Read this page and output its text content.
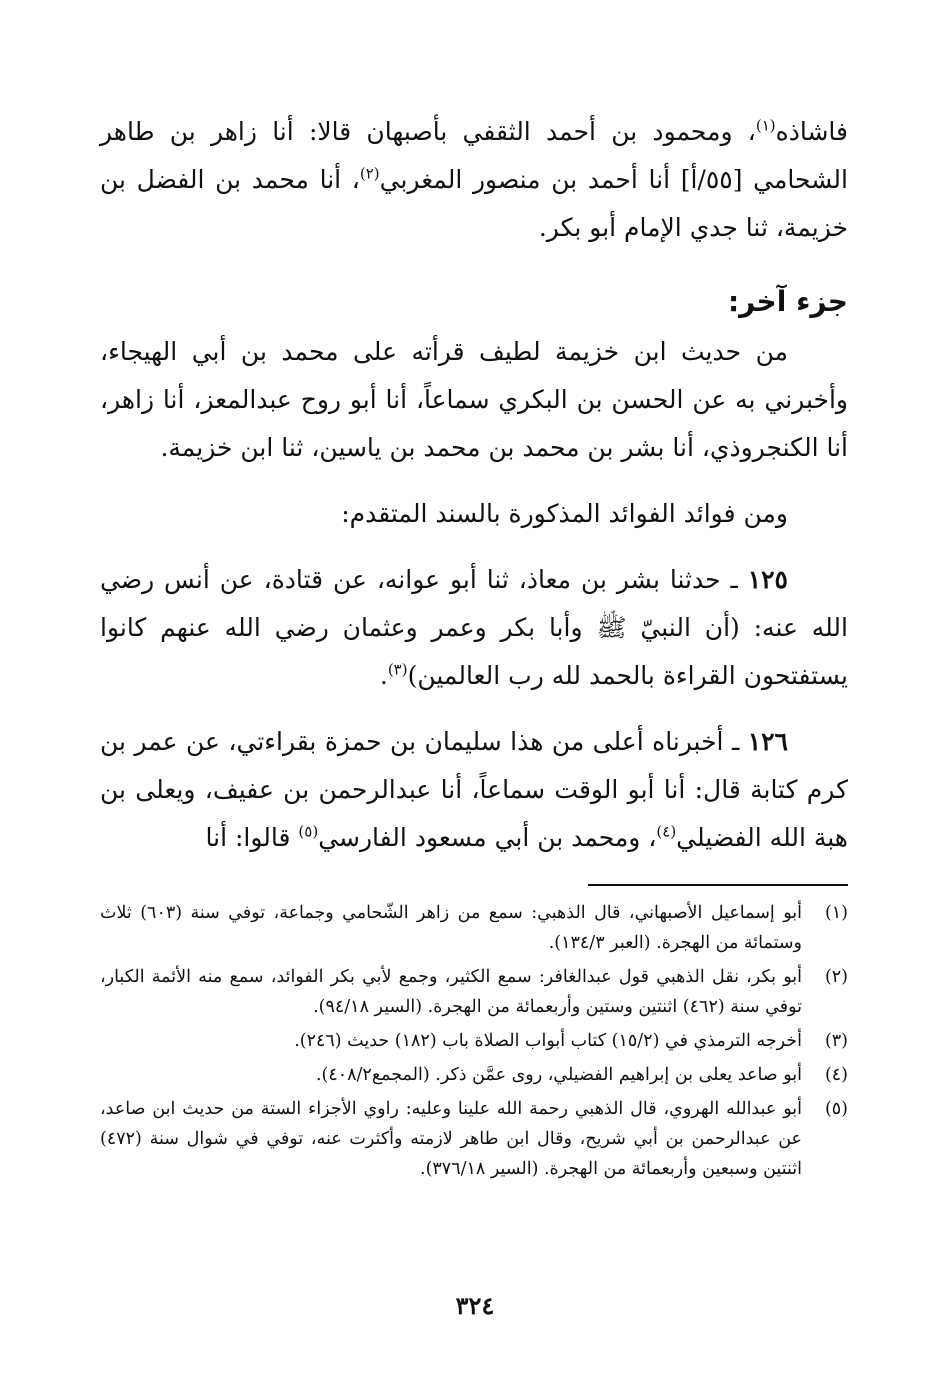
فاشاذه$^{(١)}$، ومحمود بن أحمد الثقفي بأصبهان قالا: أنا زاهر بن طاهر الشحامي [٥٥/أ] أنا أحمد بن منصور المغربي$^{(٢)}$، أنا محمد بن الفضل بن خزيمة، ثنا جدي الإمام أبو بكر.

جزء آخر:

من حديث ابن خزيمة لطيف قرأته على محمد بن أبي الهيجاء، وأخبرني به عن الحسن بن البكري سماعاً، أنا أبو روح عبدالمعز، أنا زاهر، أنا الكنجروذي، أنا بشر بن محمد بن محمد بن ياسين، ثنا ابن خزيمة.

ومن فوائد الفوائد المذكورة بالسند المتقدم:

١٢٥ ـ حدثنا بشر بن معاذ، ثنا أبو عوانه، عن قتادة، عن أنس رضي الله عنه: (أن النبيّ ﷺ وأبا بكر وعمر وعثمان رضي الله عنهم كانوا يستفتحون القراءة بالحمد لله رب العالمين)$^{(٣)}$.

١٢٦ ـ أخبرناه أعلى من هذا سليمان بن حمزة بقراءتي، عن عمر بن كرم كتابة قال: أنا أبو الوقت سماعاً، أنا عبدالرحمن بن عفيف، ويعلى بن هبة الله الفضيلي$^{(٤)}$، ومحمد بن أبي مسعود الفارسي$^{(٥)}$ قالوا: أنا

(١)
أبو إسماعيل الأصبهاني، قال الذهبي: سمع من زاهر الشّحامي وجماعة، توفي سنة (٦٠٣) ثلاث وستمائة من الهجرة. (العبر ١٣٤/٣).
(٢)
أبو بكر، نقل الذهبي قول عبدالغافر: سمع الكثير، وجمع لأبي بكر الفوائد، سمع منه الأئمة الكبار، توفي سنة (٤٦٢) اثنتين وستين وأربعمائة من الهجرة. (السير ٩٤/١٨).
(٣)
أخرجه الترمذي في (١٥/٢) كتاب أبواب الصلاة باب (١٨٢) حديث (٢٤٦).
(٤)
أبو صاعد يعلى بن إبراهيم الفضيلي، روى عمَّن ذكر. (المجمع٤٠٨/٢).
(٥)
أبو عبدالله الهروي، قال الذهبي رحمة الله علينا وعليه: راوي الأجزاء الستة من حديث ابن صاعد، عن عبدالرحمن بن أبي شريح، وقال ابن طاهر لازمته وأكثرت عنه، توفي في شوال سنة (٤٧٢) اثنتين وسبعين وأربعمائة من الهجرة. (السير ٣٧٦/١٨).
٣٢٤
